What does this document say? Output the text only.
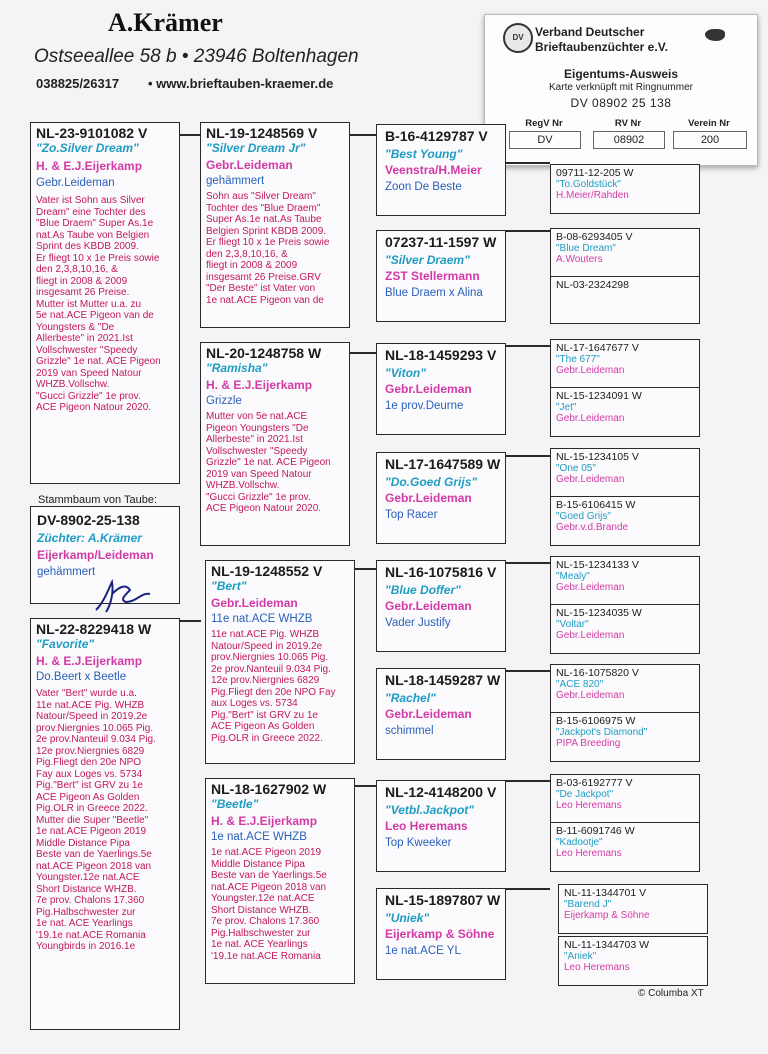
A.Krämer
Ostseeallee 58 b • 23946 Boltenhagen
038825/26317 • www.brieftauben-kraemer.de
DV Verband Deutscher
Brieftaubenzüchter e.V.
Eigentums-Ausweis
Karte verknüpft mit Ringnummer
DV 08902 25 138
RegV Nr	RV Nr	Verein Nr
DV	08902	200
NL-23-9101082 V
"Zo.Silver Dream"
H. & E.J.Eijerkamp
Gebr.Leideman
Vater ist Sohn aus Silver
Dream" eine Tochter des
"Blue Draem" Super As.1e
nat.As Taube von Belgien
Sprint des KBDB 2009.
Er fliegt 10 x 1e Preis sowie
den 2,3,8,10,16, &
fliegt in 2008 & 2009
insgesamt 26 Preise.
Mutter ist Mutter u.a. zu
5e nat.ACE Pigeon van de
Youngsters & "De
Allerbeste" in 2021.Ist
Vollschwester "Speedy
Grizzle" 1e nat. ACE Pigeon
2019 van Speed Natour
WHZB.Vollschw.
"Gucci Grizzle" 1e prov.
ACE Pigeon Natour 2020.
Stammbaum von Taube:
DV-8902-25-138
Züchter: A.Krämer
Eijerkamp/Leideman
gehämmert
NL-22-8229418 W
"Favorite"
H. & E.J.Eijerkamp
Do.Beert x Beetle
Vater "Bert" wurde u.a.
11e nat.ACE Pig. WHZB
Natour/Speed in 2019.2e
prov.Niergnies 10.065 Pig.
2e prov.Nanteuil 9.034 Pig.
12e prov.Niergnies 6829
Pig.Fliegt den 20e NPO
Fay aux Loges vs. 5734
Pig."Bert" ist GRV zu 1e
ACE Pigeon As Golden
Pig.OLR in Greece 2022.
Mutter die Super "Beetle"
1e nat.ACE Pigeon 2019
Middle Distance Pipa
Beste van de Yaerlings.5e
nat.ACE Pigeon 2018 van
Youngster.12e nat.ACE
Short Distance WHZB.
7e prov. Chalons 17.360
Pig.Halbschwester zur
1e nat. ACE Yearlings
'19.1e nat.ACE Romania
Youngbirds in 2016.1e
NL-19-1248569 V
"Silver Dream Jr"
Gebr.Leideman
gehämmert
Sohn aus "Silver Dream"
Tochter des "Blue Draem"
Super As.1e nat.As Taube
Belgien Sprint KBDB 2009.
Er fliegt 10 x 1e Preis sowie
den 2,3,8,10,16, &
fliegt in 2008 & 2009
insgesamt 26 Preise.GRV
"Der Beste" ist Vater von
1e nat.ACE Pigeon van de
NL-20-1248758 W
"Ramisha"
H. & E.J.Eijerkamp
Grizzle
Mutter von 5e nat.ACE
Pigeon Youngsters "De
Allerbeste" in 2021.Ist
Vollschwester "Speedy
Grizzle" 1e nat. ACE Pigeon
2019 van Speed Natour
WHZB.Vollschw.
"Gucci Grizzle" 1e prov.
ACE Pigeon Natour 2020.
NL-19-1248552 V
"Bert"
Gebr.Leideman
11e nat.ACE WHZB
11e nat.ACE Pig. WHZB
Natour/Speed in 2019.2e
prov.Niergnies 10.065 Pig.
2e prov.Nanteuil 9.034 Pig.
12e prov.Niergnies 6829
Pig.Fliegt den 20e NPO Fay
aux Loges vs. 5734
Pig."Bert" ist GRV zu 1e
ACE Pigeon As Golden
Pig.OLR in Greece 2022.
NL-18-1627902 W
"Beetle"
H. & E.J.Eijerkamp
1e nat.ACE WHZB
1e nat.ACE Pigeon 2019
Middle Distance Pipa
Beste van de Yaerlings.5e
nat.ACE Pigeon 2018 van
Youngster.12e nat.ACE
Short Distance WHZB.
7e prov. Chalons 17.360
Pig.Halbschwester zur
1e nat. ACE Yearlings
'19.1e nat.ACE Romania
B-16-4129787 V
"Best Young"
Veenstra/H.Meier
Zoon De Beste
07237-11-1597 W
"Silver Draem"
ZST Stellermann
Blue Draem x Alina
NL-18-1459293 V
"Viton"
Gebr.Leideman
1e prov.Deurne
NL-17-1647589 W
"Do.Goed Grijs"
Gebr.Leideman
Top Racer
NL-16-1075816 V
"Blue Doffer"
Gebr.Leideman
Vader Justify
NL-18-1459287 W
"Rachel"
Gebr.Leideman
schimmel
NL-12-4148200 V
"Vetbl.Jackpot"
Leo Heremans
Top Kweeker
NL-15-1897807 W
"Uniek"
Eijerkamp & Söhne
1e nat.ACE YL
09711-12-205 W
"To.Goldstück"
H.Meier/Rahden
B-08-6293405 V
"Blue Dream"
A.Wouters
NL-03-2324298
NL-17-1647677 V
"The 677"
Gebr.Leideman
NL-15-1234091 W
"Jet"
Gebr.Leideman
NL-15-1234105 V
"One 05"
Gebr.Leideman
B-15-6106415 W
"Goed Grijs"
Gebr.v.d.Brande
NL-15-1234133 V
"Mealy"
Gebr.Leideman
NL-15-1234035 W
"Voltar"
Gebr.Leideman
NL-16-1075820 V
"ACE 820"
Gebr.Leideman
B-15-6106975 W
"Jackpot's Diamond"
PIPA Breeding
B-03-6192777 V
"De Jackpot"
Leo Heremans
B-11-6091746 W
"Kadootje"
Leo Heremans
NL-11-1344701 V
"Barend J"
Eijerkamp & Söhne
NL-11-1344703 W
"Aniek"
Leo Heremans
© Columba XT
